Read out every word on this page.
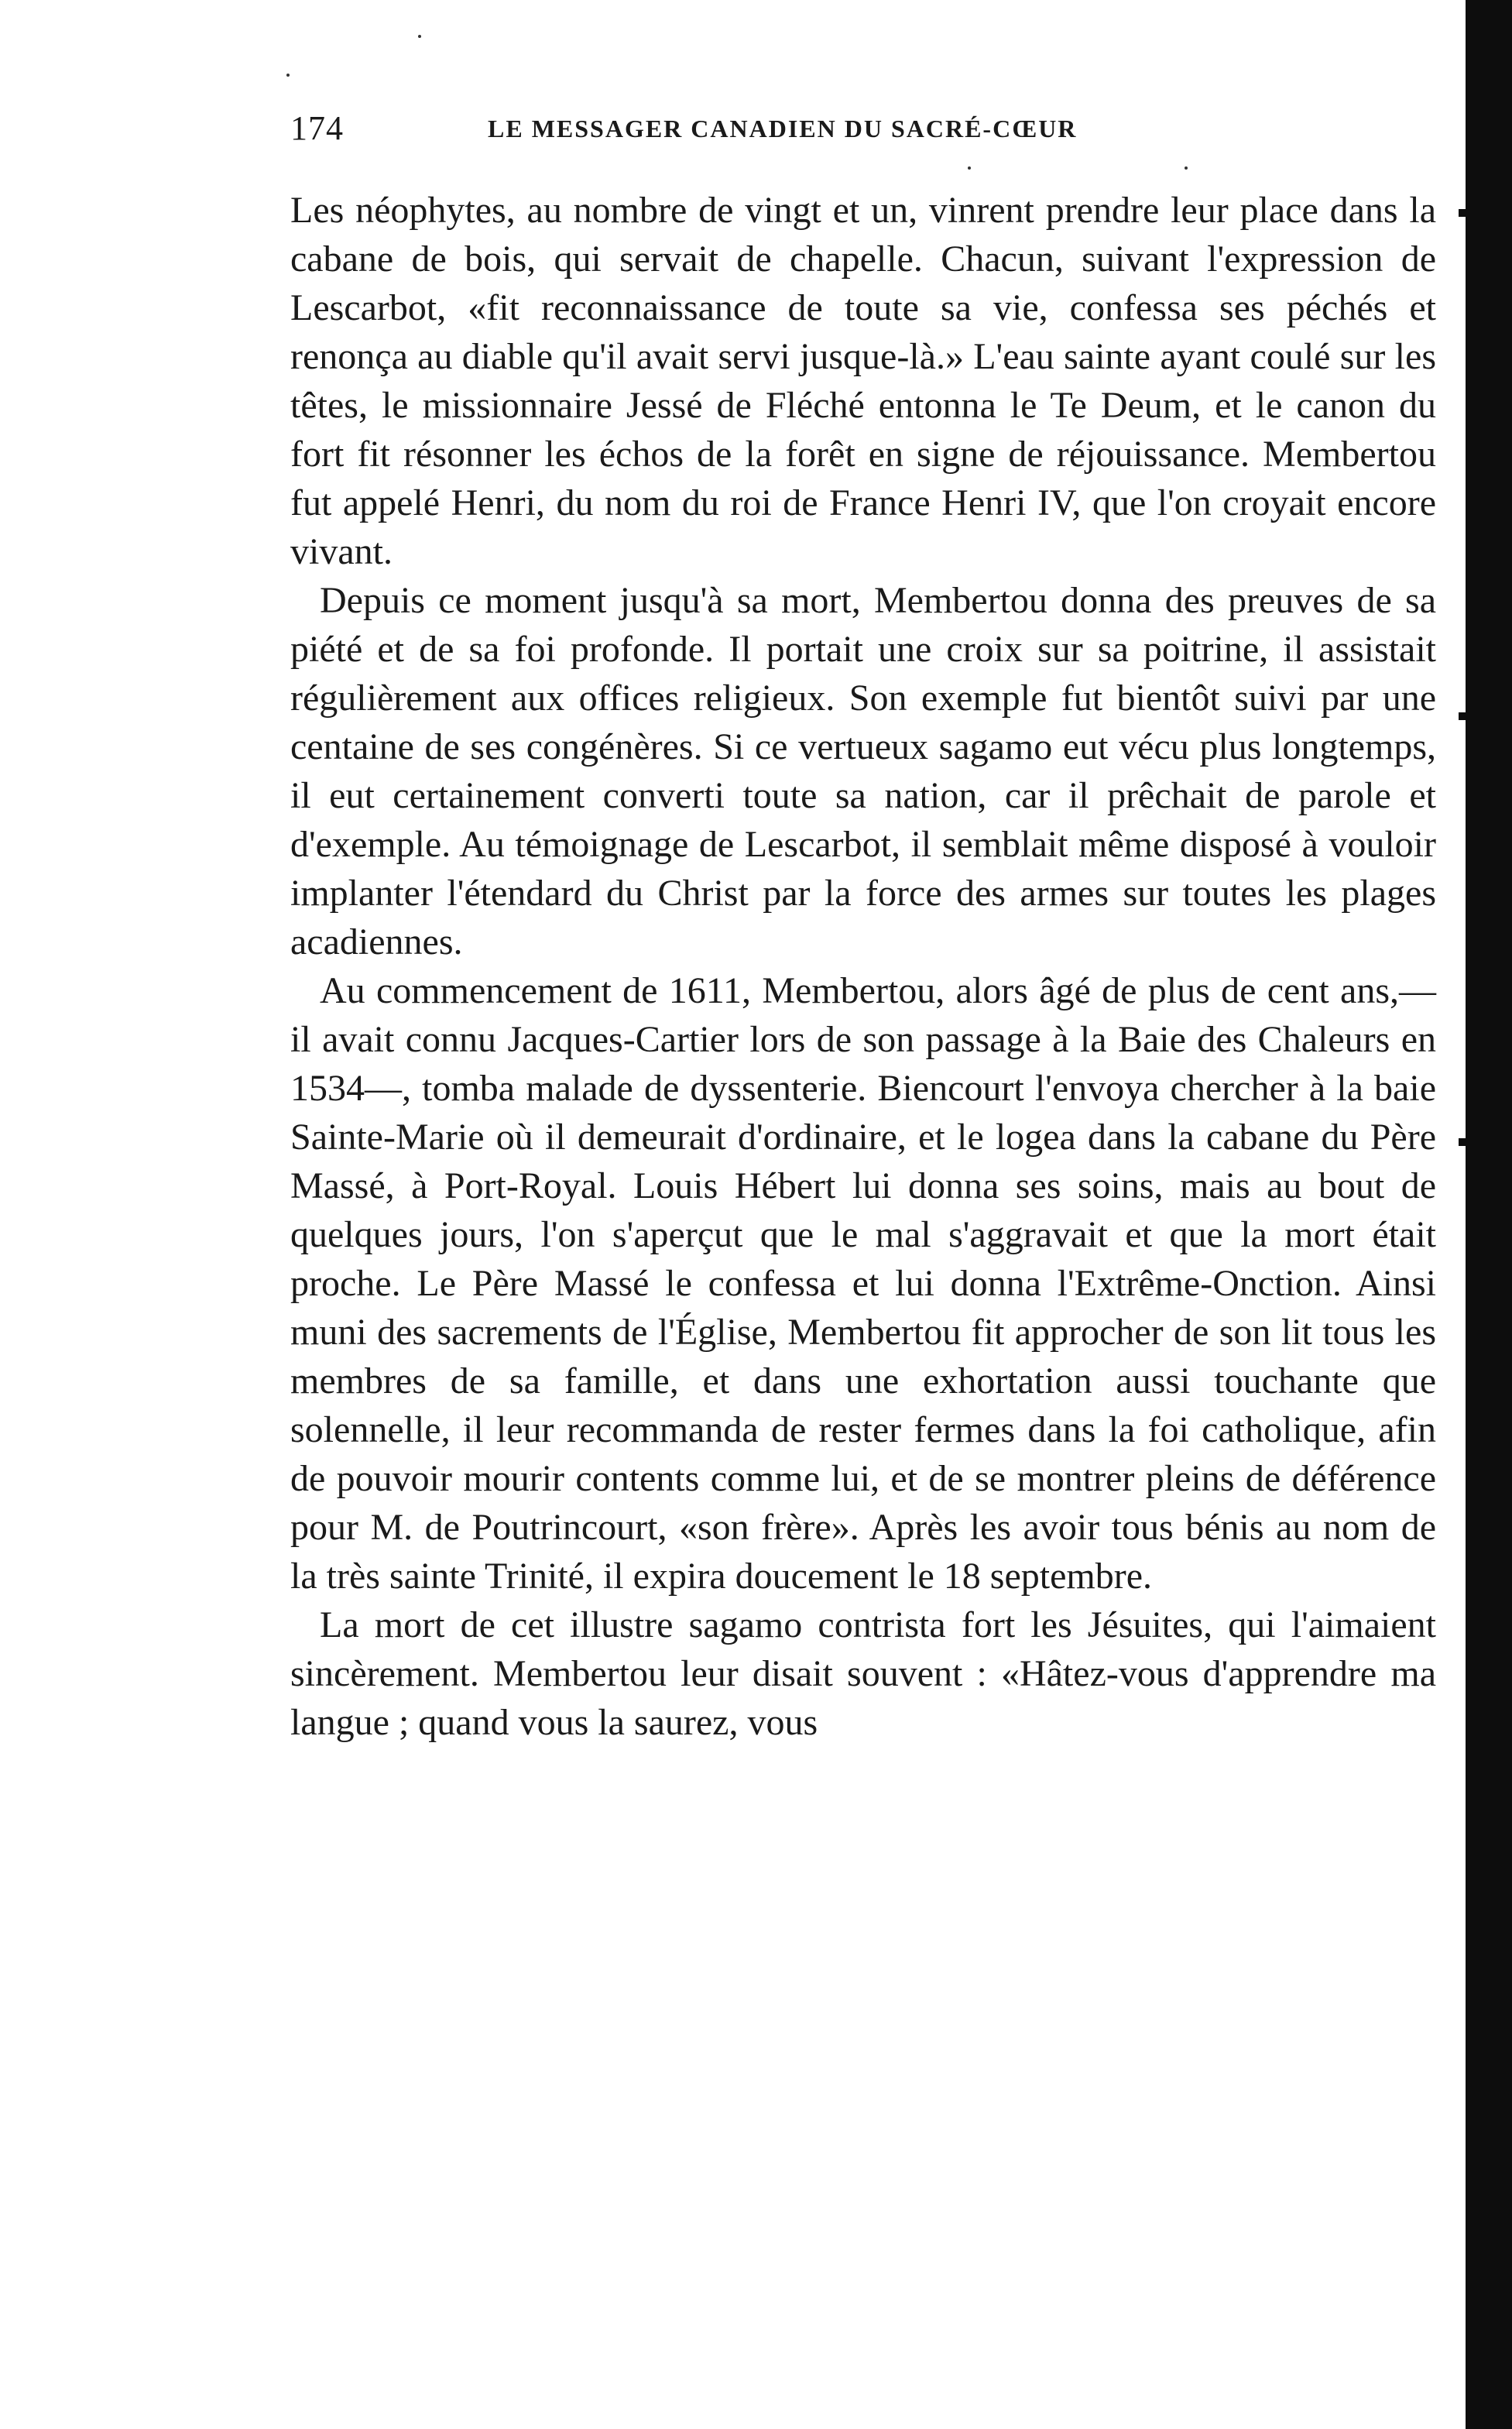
174	LE MESSAGER CANADIEN DU SACRÉ-CŒUR

Les néophytes, au nombre de vingt et un, vinrent prendre leur place dans la cabane de bois, qui servait de chapelle. Chacun, suivant l'expression de Lescarbot, «fit reconnaissance de toute sa vie, confessa ses péchés et renonça au diable qu'il avait servi jusque-là.» L'eau sainte ayant coulé sur les têtes, le missionnaire Jessé de Fléché entonna le Te Deum, et le canon du fort fit résonner les échos de la forêt en signe de réjouissance. Membertou fut appelé Henri, du nom du roi de France Henri IV, que l'on croyait encore vivant.

Depuis ce moment jusqu'à sa mort, Membertou donna des preuves de sa piété et de sa foi profonde. Il portait une croix sur sa poitrine, il assistait régulièrement aux offices religieux. Son exemple fut bientôt suivi par une centaine de ses congénères. Si ce vertueux sagamo eut vécu plus longtemps, il eut certainement converti toute sa nation, car il prêchait de parole et d'exemple. Au témoignage de Lescarbot, il semblait même disposé à vouloir implanter l'étendard du Christ par la force des armes sur toutes les plages acadiennes.

Au commencement de 1611, Membertou, alors âgé de plus de cent ans,—il avait connu Jacques-Cartier lors de son passage à la Baie des Chaleurs en 1534—, tomba malade de dyssenterie. Biencourt l'envoya chercher à la baie Sainte-Marie où il demeurait d'ordinaire, et le logea dans la cabane du Père Massé, à Port-Royal. Louis Hébert lui donna ses soins, mais au bout de quelques jours, l'on s'aperçut que le mal s'aggravait et que la mort était proche. Le Père Massé le confessa et lui donna l'Extrême-Onction. Ainsi muni des sacrements de l'Église, Membertou fit approcher de son lit tous les membres de sa famille, et dans une exhortation aussi touchante que solennelle, il leur recommanda de rester fermes dans la foi catholique, afin de pouvoir mourir contents comme lui, et de se montrer pleins de déférence pour M. de Poutrincourt, «son frère». Après les avoir tous bénis au nom de la très sainte Trinité, il expira doucement le 18 septembre.

La mort de cet illustre sagamo contrista fort les Jésuites, qui l'aimaient sincèrement. Membertou leur disait souvent : «Hâtez-vous d'apprendre ma langue ; quand vous la saurez, vous
